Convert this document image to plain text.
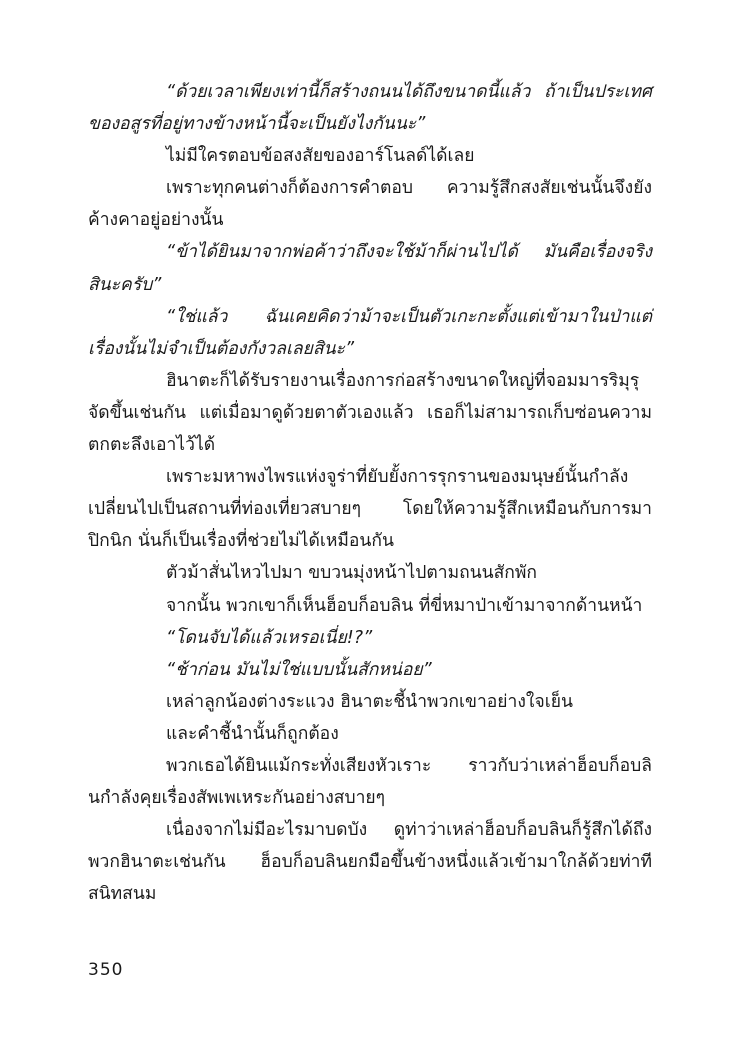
“ด้วยเวลาเพียงเท่านี้ก็สร้างถนนได้ถึงขนาดนี้แล้ว ถ้าเป็นประเทศของอสูรที่อยู่ทางข้างหน้านี้จะเป็นยังไงกันนะ”

ไม่มีใครตอบข้อสงสัยของอาร์โนลด์ได้เลย

เพราะทุกคนต่างก็ต้องการคำตอบ ความรู้สึกสงสัยเช่นนั้นจึงยังค้างคาอยู่อย่างนั้น

“ข้าได้ยินมาจากพ่อค้าว่าถึงจะใช้ม้าก็ผ่านไปได้ มันคือเรื่องจริงสินะครับ”

“ใช่แล้ว ฉันเคยคิดว่าม้าจะเป็นตัวเกะกะตั้งแต่เข้ามาในป่าแต่เรื่องนั้นไม่จำเป็นต้องกังวลเลยสินะ”

ฮินาตะก็ได้รับรายงานเรื่องการก่อสร้างขนาดใหญ่ที่จอมมารริมุรุจัดขึ้นเช่นกัน แต่เมื่อมาดูด้วยตาตัวเองแล้ว เธอก็ไม่สามารถเก็บซ่อนความตกตะลึงเอาไว้ได้

เพราะมหาพงไพรแห่งจูร่าที่ยับยั้งการรุกรานของมนุษย์นั้นกำลังเปลี่ยนไปเป็นสถานที่ท่องเที่ยวสบายๆ โดยให้ความรู้สึกเหมือนกับการมาปิกนิก นั่นก็เป็นเรื่องที่ช่วยไม่ได้เหมือนกัน

ตัวม้าสั่นไหวไปมา ขบวนมุ่งหน้าไปตามถนนสักพัก

จากนั้น พวกเขาก็เห็นฮ็อบก็อบลิน ที่ขี่หมาป่าเข้ามาจากด้านหน้า

“โดนจับได้แล้วเหรอเนี่ย!?”

“ช้าก่อน มันไม่ใช่แบบนั้นสักหน่อย”

เหล่าลูกน้องต่างระแวง ฮินาตะชี้นำพวกเขาอย่างใจเย็น

และคำชี้นำนั้นก็ถูกต้อง

พวกเธอได้ยินแม้กระทั่งเสียงหัวเราะ ราวกับว่าเหล่าฮ็อบก็อบลินกำลังคุยเรื่องสัพเพเหระกันอย่างสบายๆ

เนื่องจากไม่มีอะไรมาบดบัง ดูท่าว่าเหล่าฮ็อบก็อบลินก็รู้สึกได้ถึงพวกฮินาตะเช่นกัน ฮ็อบก็อบลินยกมือขึ้นข้างหนึ่งแล้วเข้ามาใกล้ด้วยท่าทีสนิทสนม

350
